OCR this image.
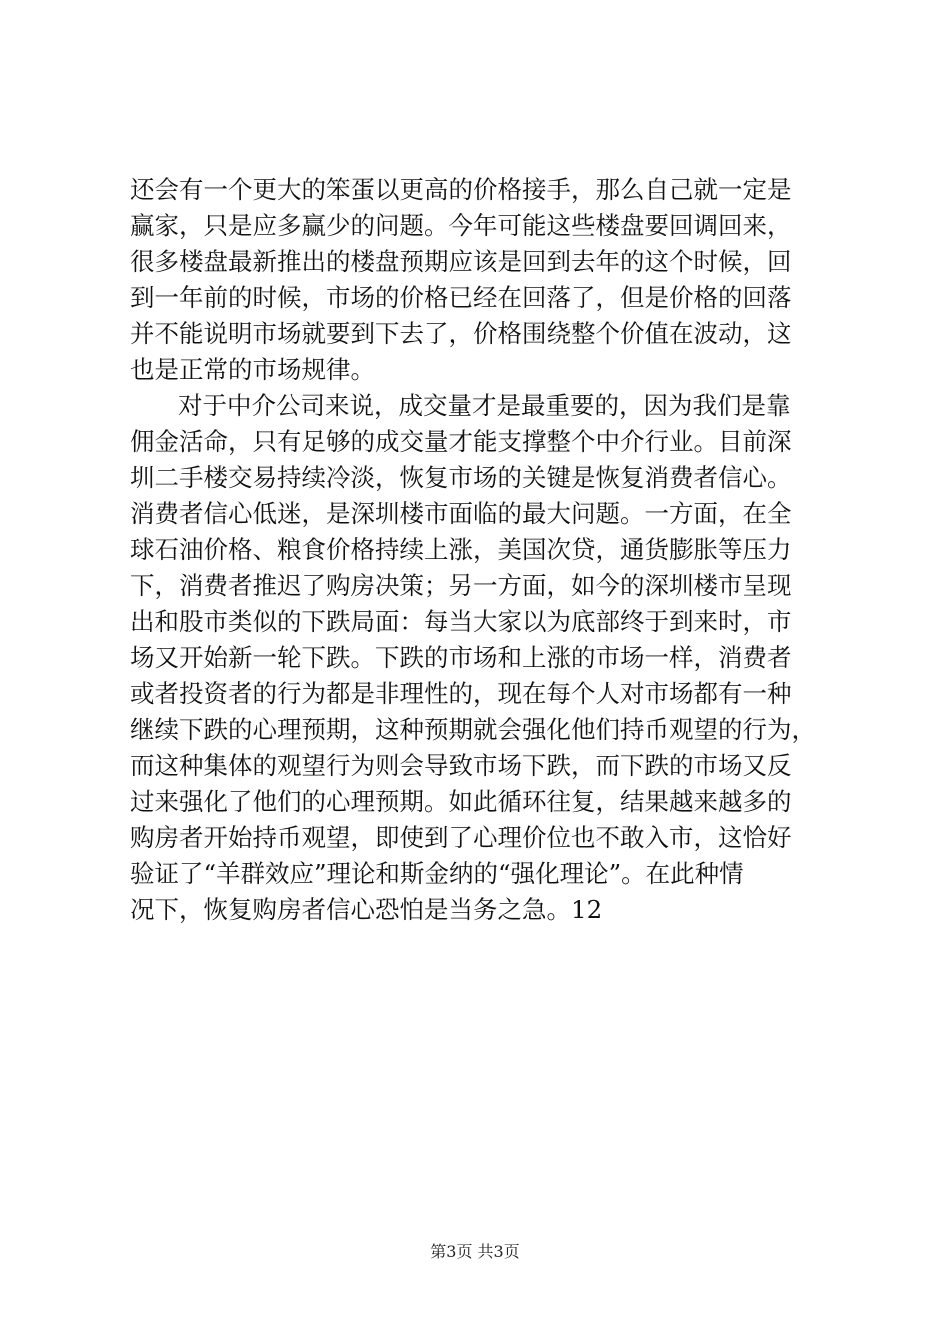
还会有一个更大的笨蛋以更高的价格接手，那么自己就一定是
赢家，只是应多赢少的问题。今年可能这些楼盘要回调回来，
很多楼盘最新推出的楼盘预期应该是回到去年的这个时候，回
到一年前的时候，市场的价格已经在回落了，但是价格的回落
并不能说明市场就要到下去了，价格围绕整个价值在波动，这
也是正常的市场规律。
对于中介公司来说，成交量才是最重要的，因为我们是靠
佣金活命，只有足够的成交量才能支撑整个中介行业。目前深
圳二手楼交易持续冷淡，恢复市场的关键是恢复消费者信心。
消费者信心低迷，是深圳楼市面临的最大问题。一方面，在全
球石油价格、粮食价格持续上涨，美国次贷，通货膨胀等压力
下，消费者推迟了购房决策；另一方面，如今的深圳楼市呈现
出和股市类似的下跌局面：每当大家以为底部终于到来时，市
场又开始新一轮下跌。下跌的市场和上涨的市场一样，消费者
或者投资者的行为都是非理性的，现在每个人对市场都有一种
继续下跌的心理预期，这种预期就会强化他们持币观望的行为，
而这种集体的观望行为则会导致市场下跌，而下跌的市场又反
过来强化了他们的心理预期。如此循环往复，结果越来越多的
购房者开始持币观望，即使到了心理价位也不敢入市，这恰好
验证了“羊群效应”理论和斯金纳的“强化理论”。在此种情
况下，恢复购房者信心恐怕是当务之急。12
第3页 共3页
